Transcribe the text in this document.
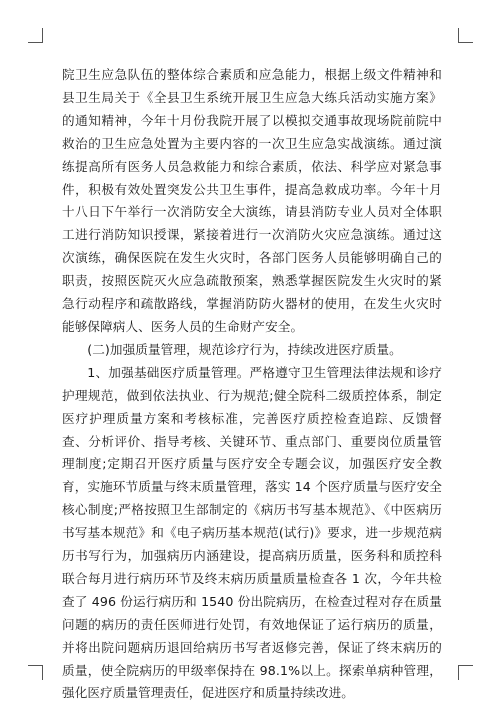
院卫生应急队伍的整体综合素质和应急能力，根据上级文件精神和县卫生局关于《全县卫生系统开展卫生应急大练兵活动实施方案》的通知精神，今年十月份我院开展了以模拟交通事故现场院前院中救治的卫生应急处置为主要内容的一次卫生应急实战演练。通过演练提高所有医务人员急救能力和综合素质，依法、科学应对紧急事件，积极有效处置突发公共卫生事件，提高急救成功率。今年十月十八日下午举行一次消防安全大演练，请县消防专业人员对全体职工进行消防知识授课，紧接着进行一次消防火灾应急演练。通过这次演练，确保医院在发生火灾时，各部门医务人员能够明确自己的职责，按照医院灭火应急疏散预案，熟悉掌握医院发生火灾时的紧急行动程序和疏散路线，掌握消防防火器材的使用，在发生火灾时能够保障病人、医务人员的生命财产安全。

(二)加强质量管理，规范诊疗行为，持续改进医疗质量。

1、加强基础医疗质量管理。严格遵守卫生管理法律法规和诊疗护理规范，做到依法执业、行为规范;健全院科二级质控体系，制定医疗护理质量方案和考核标准，完善医疗质控检查追踪、反馈督查、分析评价、指导考核、关键环节、重点部门、重要岗位质量管理制度;定期召开医疗质量与医疗安全专题会议，加强医疗安全教育，实施环节质量与终末质量管理，落实 14 个医疗质量与医疗安全核心制度;严格按照卫生部制定的《病历书写基本规范》、《中医病历书写基本规范》和《电子病历基本规范(试行)》要求，进一步规范病历书写行为，加强病历内涵建设，提高病历质量，医务科和质控科联合每月进行病历环节及终末病历质量质量检查各 1 次，今年共检查了 496 份运行病历和 1540 份出院病历，在检查过程对存在质量问题的病历的责任医师进行处罚，有效地保证了运行病历的质量，并将出院问题病历退回给病历书写者返修完善，保证了终末病历的质量，使全院病历的甲级率保持在 98.1%以上。探索单病种管理，强化医疗质量管理责任，促进医疗和质量持续改进。
